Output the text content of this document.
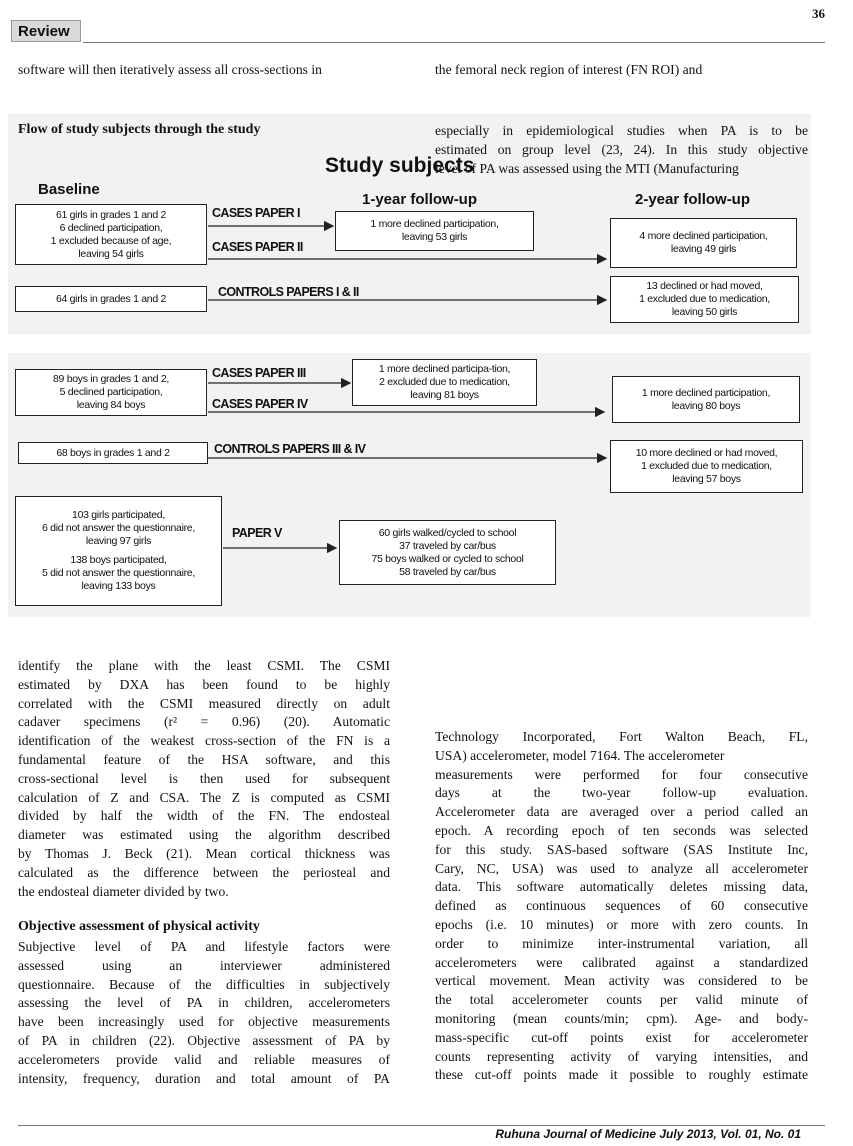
36
Review
software will then iteratively assess all cross-sections in	the femoral neck region of interest (FN ROI) and
Flow of study subjects through the study
Study subjects
especially in epidemiological studies when PA is to be
estimated on group level (23, 24). In this study objective
level of PA was assessed using the MTI (Manufacturing
Baseline
1-year follow-up	2-year follow-up
CASES PAPER I
CASES PAPER II
CONTROLS PAPERS I & II
CASES PAPER III
CASES PAPER IV
CONTROLS PAPERS III & IV
PAPER V
61 girls in grades 1 and 2
6 declined participation,
1 excluded because of age,
leaving 54 girls
1 more declined participation,
leaving 53 girls	4 more declined participation,
leaving 49 girls
64 girls in grades 1 and 2
13 declined or had moved,
1 excluded due to medication,
leaving 50 girls
89 boys in grades 1 and 2,
5 declined participation,
leaving 84 boys
1 more declined participa-tion,
2 excluded due to medication,
leaving 81 boys	1 more declined participation,
leaving 80 boys
68 boys in grades 1 and 2	10 more declined or had moved,
1 excluded due to medication,
leaving 57 boys
103 girls participated,
6 did not answer the questionnaire,
leaving 97 girls
138 boys participated,
5 did not answer the questionnaire,
leaving 133 boys
60 girls walked/cycled to school
37 traveled by car/bus
75 boys walked or cycled to school
58 traveled by car/bus
identify the plane with the least CSMI. The CSMI
estimated by DXA has been found to be highly
correlated with the CSMI measured directly on adult
cadaver specimens (r² = 0.96) (20). Automatic
identification of the weakest cross-section of the FN is a
fundamental feature of the HSA software, and this
cross-sectional level is then used for subsequent
calculation of Z and CSA. The Z is computed as CSMI
divided by half the width of the FN. The endosteal
diameter was estimated using the algorithm described
by Thomas J. Beck (21). Mean cortical thickness was
calculated as the difference between the periosteal and
the endosteal diameter divided by two.
Objective assessment of physical activity
Subjective level of PA and lifestyle factors were
assessed using an interviewer administered
questionnaire. Because of the difficulties in subjectively
assessing the level of PA in children, accelerometers
have been increasingly used for objective measurements
of PA in children (22). Objective assessment of PA by
accelerometers provide valid and reliable measures of
intensity, frequency, duration and total amount of PA
Technology Incorporated, Fort Walton Beach, FL,
USA) accelerometer, model 7164. The accelerometer
measurements were performed for four consecutive
days at the two-year follow-up evaluation.
Accelerometer data are averaged over a period called an
epoch. A recording epoch of ten seconds was selected
for this study. SAS-based software (SAS Institute Inc,
Cary, NC, USA) was used to analyze all accelerometer
data. This software automatically deletes missing data,
defined as continuous sequences of 60 consecutive
epochs (i.e. 10 minutes) or more with zero counts. In
order to minimize inter-instrumental variation, all
accelerometers were calibrated against a standardized
vertical movement. Mean activity was considered to be
the total accelerometer counts per valid minute of
monitoring (mean counts/min; cpm). Age- and body-
mass-specific cut-off points exist for accelerometer
counts representing activity of varying intensities, and
these cut-off points made it possible to roughly estimate
Ruhuna Journal of Medicine July 2013, Vol. 01, No. 01
